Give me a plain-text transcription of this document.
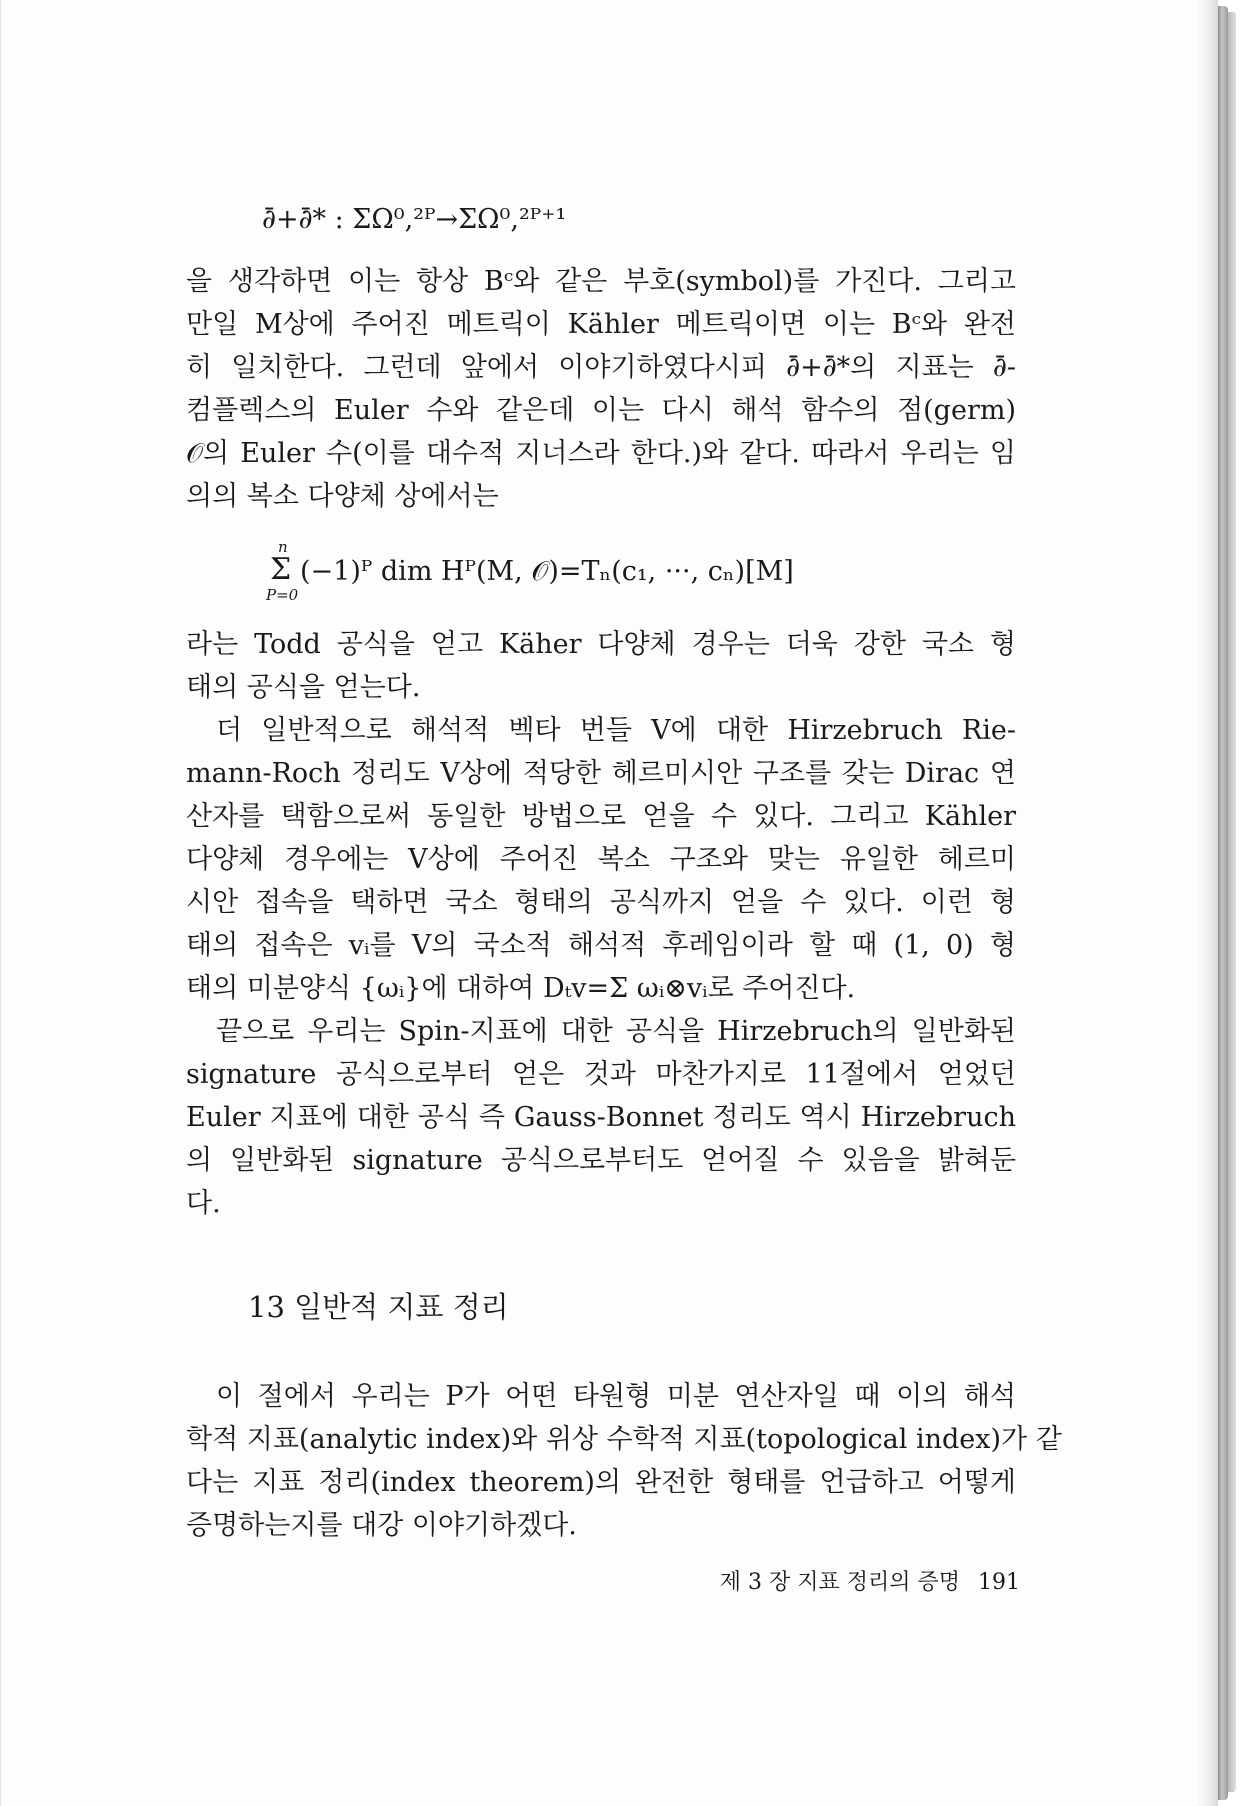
∂̄+∂̄* : ΣΩ⁰,²ᴾ→ΣΩ⁰,²ᴾ⁺¹
을 생각하면 이는 항상 Bᶜ와 같은 부호(symbol)를 가진다. 그리고
만일 M상에 주어진 메트릭이 Kähler 메트릭이면 이는 Bᶜ와 완전
히 일치한다. 그런데 앞에서 이야기하였다시피 ∂̄+∂̄*의 지표는 ∂̄-
컴플렉스의 Euler 수와 같은데 이는 다시 해석 함수의 점(germ)
𝒪의 Euler 수(이를 대수적 지너스라 한다.)와 같다. 따라서 우리는 임
의의 복소 다양체 상에서는
n
Σ
P=0
(−1)ᴾ dim Hᴾ(M, 𝒪)=Tₙ(c₁, ···, cₙ)[M]
라는 Todd 공식을 얻고 Käher 다양체 경우는 더욱 강한 국소 형
태의 공식을 얻는다.
더 일반적으로 해석적 벡타 번들 V에 대한 Hirzebruch Rie-
mann-Roch 정리도 V상에 적당한 헤르미시안 구조를 갖는 Dirac 연
산자를 택함으로써 동일한 방법으로 얻을 수 있다. 그리고 Kähler
다양체 경우에는 V상에 주어진 복소 구조와 맞는 유일한 헤르미
시안 접속을 택하면 국소 형태의 공식까지 얻을 수 있다. 이런 형
태의 접속은 vᵢ를 V의 국소적 해석적 후레임이라 할 때 (1, 0) 형
태의 미분양식 {ωᵢ}에 대하여 Dₜv=Σ ωᵢ⊗vᵢ로 주어진다.
끝으로 우리는 Spin-지표에 대한 공식을 Hirzebruch의 일반화된
signature 공식으로부터 얻은 것과 마찬가지로 11절에서 얻었던
Euler 지표에 대한 공식 즉 Gauss-Bonnet 정리도 역시 Hirzebruch
의 일반화된 signature 공식으로부터도 얻어질 수 있음을 밝혀둔
다.
13 일반적 지표 정리
이 절에서 우리는 P가 어떤 타원형 미분 연산자일 때 이의 해석
학적 지표(analytic index)와 위상 수학적 지표(topological index)가 같
다는 지표 정리(index theorem)의 완전한 형태를 언급하고 어떻게
증명하는지를 대강 이야기하겠다.
제 3 장 지표 정리의 증명 191
